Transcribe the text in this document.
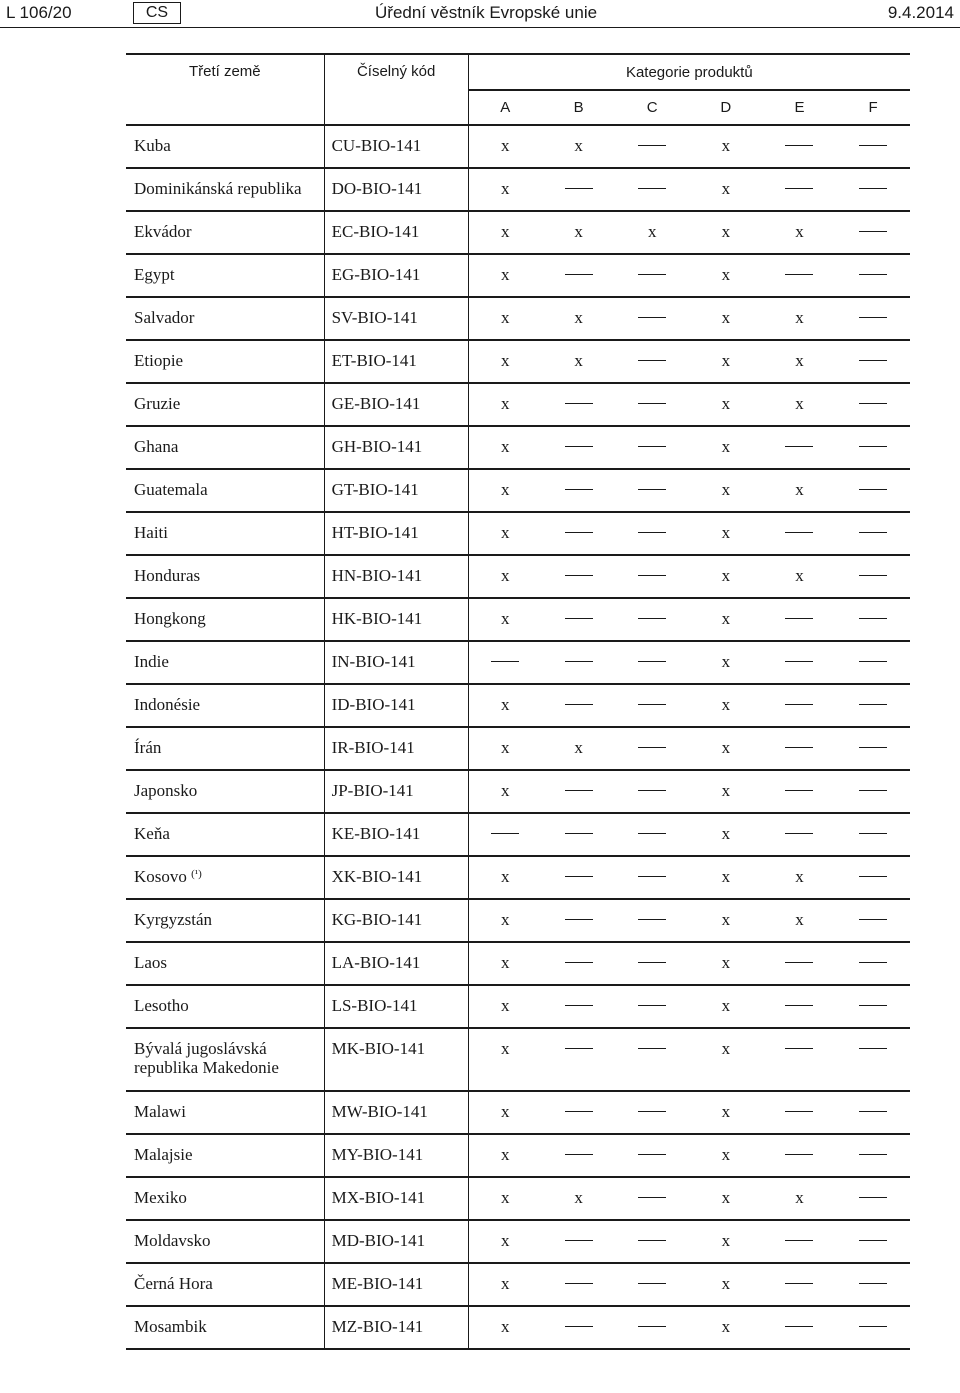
L 106/20	CS	Úřední věstník Evropské unie	9.4.2014
Třetí země	Číselný kód	Kategorie produktů					
		A	B	C	D	E	F
Kuba	CU-BIO-141	x	x		x		
Dominikánská republika	DO-BIO-141	x			x		
Ekvádor	EC-BIO-141	x	x	x	x	x	
Egypt	EG-BIO-141	x			x		
Salvador	SV-BIO-141	x	x		x	x	
Etiopie	ET-BIO-141	x	x		x	x	
Gruzie	GE-BIO-141	x			x	x	
Ghana	GH-BIO-141	x			x		
Guatemala	GT-BIO-141	x			x	x	
Haiti	HT-BIO-141	x			x		
Honduras	HN-BIO-141	x			x	x	
Hongkong	HK-BIO-141	x			x		
Indie	IN-BIO-141				x		
Indonésie	ID-BIO-141	x			x		
Írán	IR-BIO-141	x	x		x		
Japonsko	JP-BIO-141	x			x		
Keňa	KE-BIO-141				x		
Kosovo $^{(^1)}$	XK-BIO-141	x			x	x	
Kyrgyzstán	KG-BIO-141	x			x	x	
Laos	LA-BIO-141	x			x		
Lesotho	LS-BIO-141	x			x		
Bývalá jugoslávská republika Makedonie	MK-BIO-141	x			x		
Malawi	MW-BIO-141	x			x		
Malajsie	MY-BIO-141	x			x		
Mexiko	MX-BIO-141	x	x		x	x	
Moldavsko	MD-BIO-141	x			x		
Černá Hora	ME-BIO-141	x			x		
Mosambik	MZ-BIO-141	x			x		
